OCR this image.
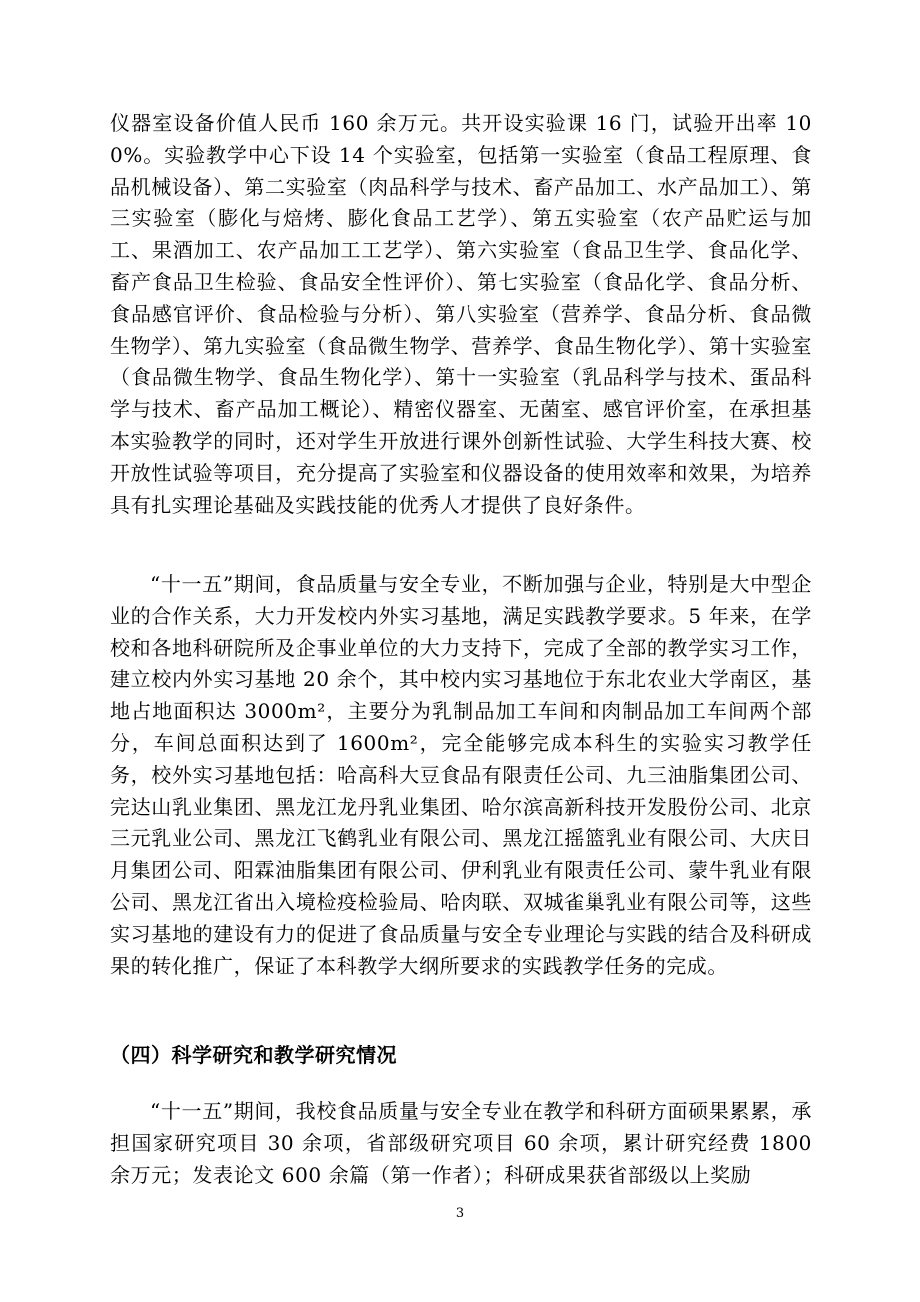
仪器室设备价值人民币 160 余万元。共开设实验课 16 门，试验开出率 100%。实验教学中心下设 14 个实验室，包括第一实验室（食品工程原理、食品机械设备）、第二实验室（肉品科学与技术、畜产品加工、水产品加工）、第三实验室（膨化与焙烤、膨化食品工艺学）、第五实验室（农产品贮运与加工、果酒加工、农产品加工工艺学）、第六实验室（食品卫生学、食品化学、畜产食品卫生检验、食品安全性评价）、第七实验室（食品化学、食品分析、食品感官评价、食品检验与分析）、第八实验室（营养学、食品分析、食品微生物学）、第九实验室（食品微生物学、营养学、食品生物化学）、第十实验室（食品微生物学、食品生物化学）、第十一实验室（乳品科学与技术、蛋品科学与技术、畜产品加工概论）、精密仪器室、无菌室、感官评价室，在承担基本实验教学的同时，还对学生开放进行课外创新性试验、大学生科技大赛、校开放性试验等项目，充分提高了实验室和仪器设备的使用效率和效果，为培养具有扎实理论基础及实践技能的优秀人才提供了良好条件。
“十一五”期间，食品质量与安全专业，不断加强与企业，特别是大中型企业的合作关系，大力开发校内外实习基地，满足实践教学要求。5 年来，在学校和各地科研院所及企事业单位的大力支持下，完成了全部的教学实习工作，建立校内外实习基地 20 余个，其中校内实习基地位于东北农业大学南区，基地占地面积达 3000m²，主要分为乳制品加工车间和肉制品加工车间两个部分，车间总面积达到了 1600m²，完全能够完成本科生的实验实习教学任务，校外实习基地包括：哈高科大豆食品有限责任公司、九三油脂集团公司、完达山乳业集团、黑龙江龙丹乳业集团、哈尔滨高新科技开发股份公司、北京三元乳业公司、黑龙江飞鹤乳业有限公司、黑龙江摇篮乳业有限公司、大庆日月集团公司、阳霖油脂集团有限公司、伊利乳业有限责任公司、蒙牛乳业有限公司、黑龙江省出入境检疫检验局、哈肉联、双城雀巢乳业有限公司等，这些实习基地的建设有力的促进了食品质量与安全专业理论与实践的结合及科研成果的转化推广，保证了本科教学大纲所要求的实践教学任务的完成。
（四）科学研究和教学研究情况
“十一五”期间，我校食品质量与安全专业在教学和科研方面硕果累累，承担国家研究项目 30 余项，省部级研究项目 60 余项，累计研究经费 1800 余万元；发表论文 600 余篇（第一作者）；科研成果获省部级以上奖励
3
